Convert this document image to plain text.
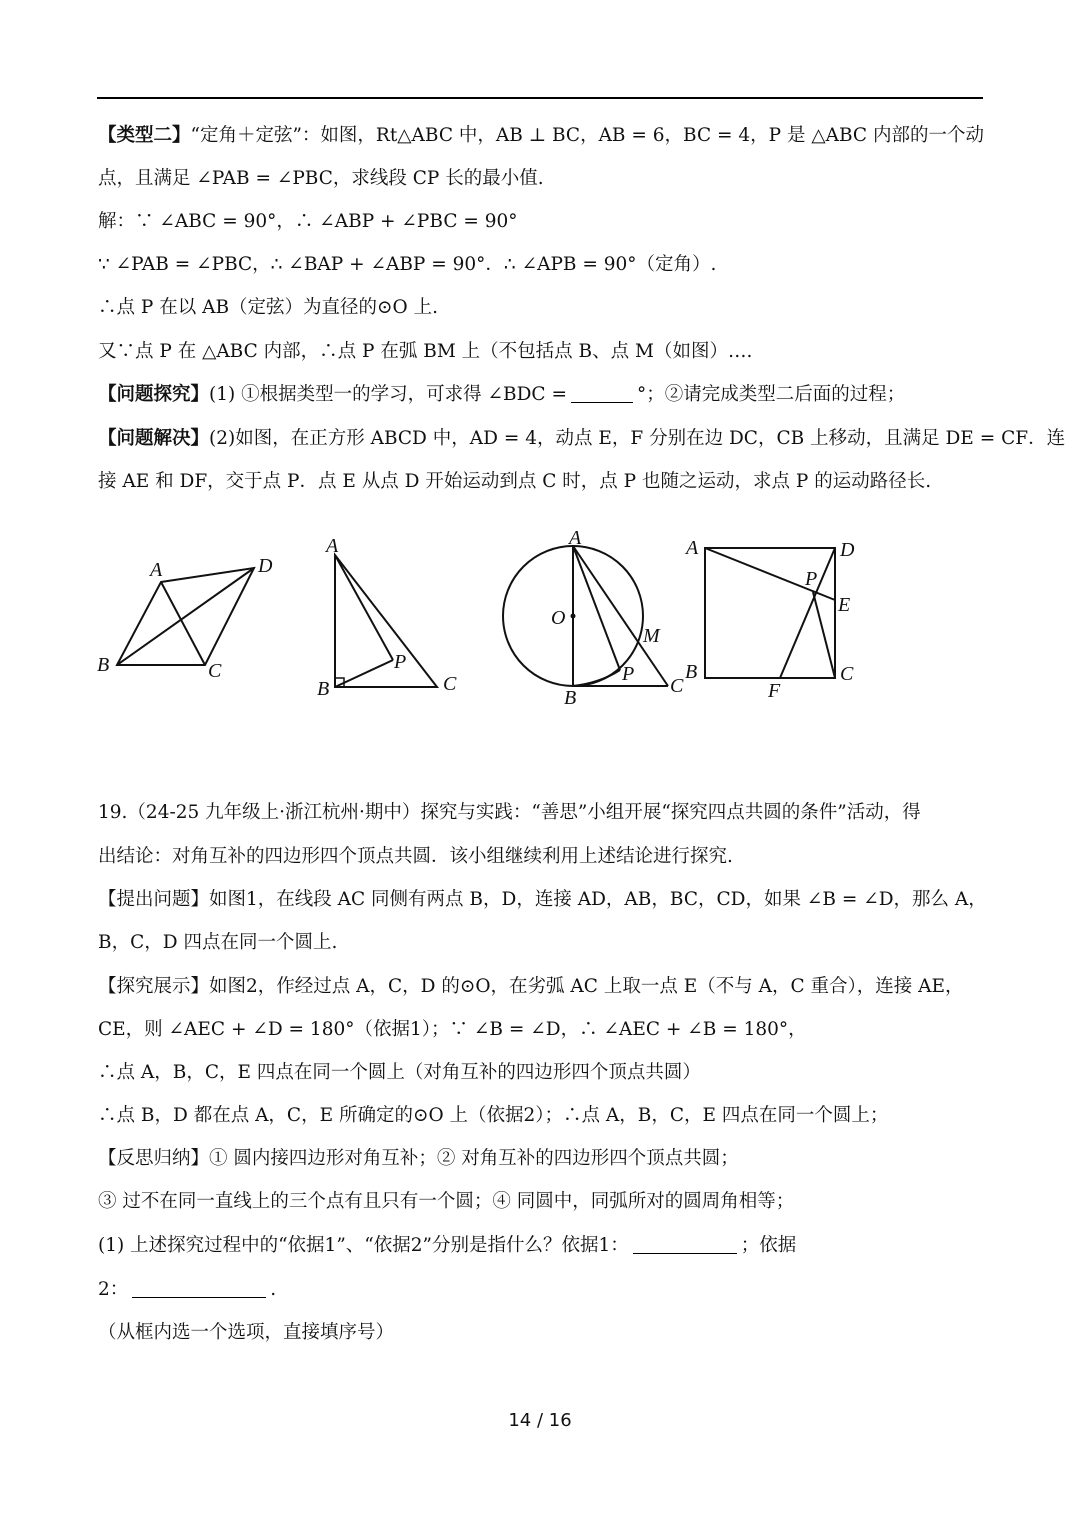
【类型二】“定角＋定弦”：如图，Rt△ABC 中，AB ⊥ BC，AB = 6，BC = 4，P 是 △ABC 内部的一个动
点，且满足 ∠PAB = ∠PBC，求线段 CP 长的最小值.
解：∵ ∠ABC = 90°，∴ ∠ABP + ∠PBC = 90°
∵ ∠PAB = ∠PBC，∴ ∠BAP + ∠ABP = 90°．∴ ∠APB = 90°（定角）.
∴点 P 在以 AB（定弦）为直径的⊙O 上.
又∵点 P 在 △ABC 内部，∴点 P 在弧 BM 上（不包括点 B、点 M（如图）….
【问题探究】(1) ①根据类型一的学习，可求得 ∠BDC =	°；②请完成类型二后面的过程；
【问题解决】(2)如图，在正方形 ABCD 中，AD = 4，动点 E，F 分别在边 DC，CB 上移动，且满足 DE = CF．连
接 AE 和 DF，交于点 P．点 E 从点 D 开始运动到点 C 时，点 P 也随之运动，求点 P 的运动路径长.
19.（24-25 九年级上·浙江杭州·期中）探究与实践：“善思”小组开展“探究四点共圆的条件”活动，得
出结论：对角互补的四边形四个顶点共圆．该小组继续利用上述结论进行探究.
【提出问题】如图1，在线段 AC 同侧有两点 B，D，连接 AD，AB，BC，CD，如果 ∠B = ∠D，那么 A，
B，C，D 四点在同一个圆上.
【探究展示】如图2，作经过点 A，C，D 的⊙O，在劣弧 AC 上取一点 E（不与 A，C 重合），连接 AE，
CE，则 ∠AEC + ∠D = 180°（依据1）；∵ ∠B = ∠D，∴ ∠AEC + ∠B = 180°，
∴点 A，B，C，E 四点在同一个圆上（对角互补的四边形四个顶点共圆）
∴点 B，D 都在点 A，C，E 所确定的⊙O 上（依据2）；∴点 A，B，C，E 四点在同一个圆上；
【反思归纳】① 圆内接四边形对角互补；② 对角互补的四边形四个顶点共圆；
③ 过不在同一直线上的三个点有且只有一个圆；④ 同圆中，同弧所对的圆周角相等；
(1) 上述探究过程中的“依据1”、“依据2”分别是指什么？依据1：	；依据
2：	.
（从框内选一个选项，直接填序号）
A	D
B	C
A
B	C
P
A
O
M
P
B
C
A	D
P
E
B	C
F
14 / 16
